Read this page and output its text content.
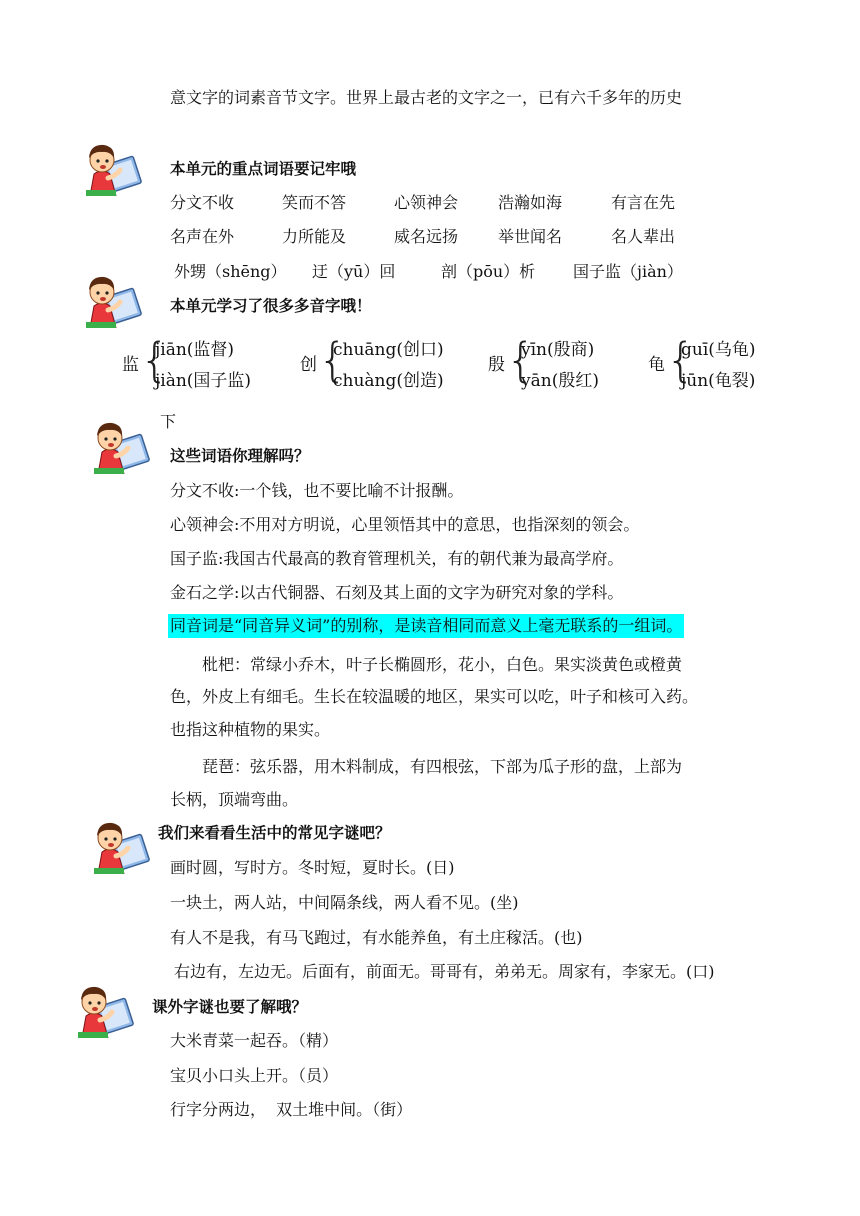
意文字的词素音节文字。世界上最古老的文字之一，已有六千多年的历史
本单元的重点词语要记牢哦
分文不收	笑而不答	心领神会 浩瀚如海	有言在先
名声在外	力所能及	威名远扬 举世闻名	名人辈出
外甥（shēng） 迂（yū）回	剖（pōu）析 国子监（jiàn）
本单元学习了很多多音字哦！
监 {
jiān(监督)
jiàn(国子监)
创 {
chuāng(创口)
chuàng(创造)
殷 {
yīn(殷商)
yān(殷红)
龟 {
guī(乌龟)
jūn(龟裂)
下
这些词语你理解吗？
分文不收:一个钱，也不要比喻不计报酬。
心领神会:不用对方明说，心里领悟其中的意思，也指深刻的领会。
国子监:我国古代最高的教育管理机关，有的朝代兼为最高学府。
金石之学:以古代铜器、石刻及其上面的文字为研究对象的学科。
同音词是“同音异义词”的别称，是读音相同而意义上毫无联系的一组词。
枇杷：常绿小乔木，叶子长椭圆形，花小，白色。果实淡黄色或橙黄
色，外皮上有细毛。生长在较温暖的地区，果实可以吃，叶子和核可入药。
也指这种植物的果实。
琵琶：弦乐器，用木料制成，有四根弦，下部为瓜子形的盘，上部为
长柄，顶端弯曲。
我们来看看生活中的常见字谜吧？
画时圆，写时方。冬时短，夏时长。(日)
一块土，两人站，中间隔条线，两人看不见。(坐)
有人不是我，有马飞跑过，有水能养鱼，有土庄稼活。(也)
右边有，左边无。后面有，前面无。哥哥有，弟弟无。周家有，李家无。(口)
课外字谜也要了解哦？
大米青菜一起吞。（精）
宝贝小口头上开。（员）
行字分两边，  双土堆中间。（街）
